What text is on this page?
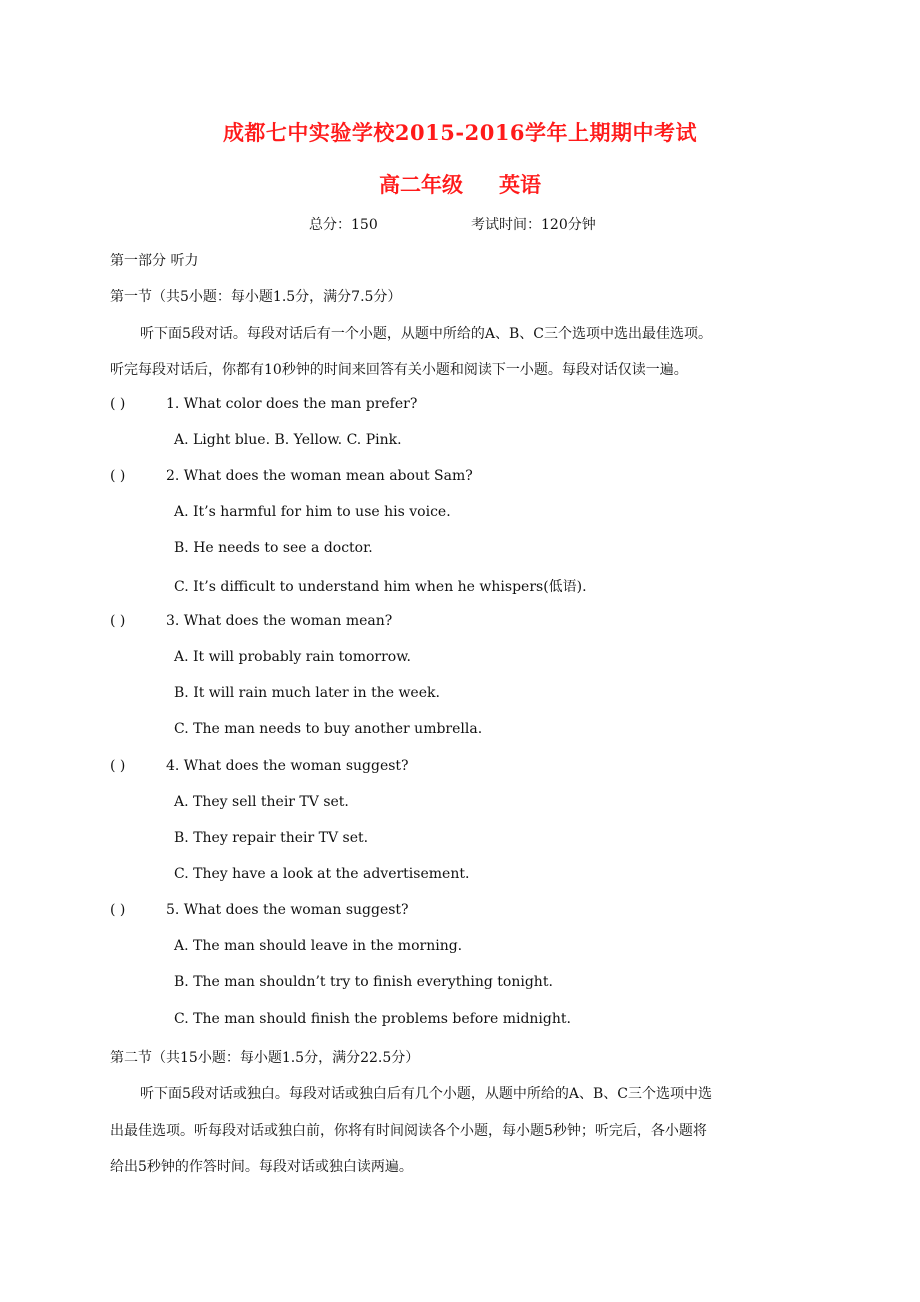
成都七中实验学校2015-2016学年上期期中考试
高二年级 英语
总分：150	考试时间：120分钟
第一部分 听力
第一节（共5小题：每小题1.5分，满分7.5分）
听下面5段对话。每段对话后有一个小题，从题中所给的A、B、C三个选项中选出最佳选项。
听完每段对话后，你都有10秒钟的时间来回答有关小题和阅读下一小题。每段对话仅读一遍。
( )	1. What color does the man prefer?
A. Light blue. B. Yellow. C. Pink.
( )	2. What does the woman mean about Sam?
A. It’s harmful for him to use his voice.
B. He needs to see a doctor.
C. It’s difficult to understand him when he whispers(低语).
( )	3. What does the woman mean?
A. It will probably rain tomorrow.
B. It will rain much later in the week.
C. The man needs to buy another umbrella.
( )	4. What does the woman suggest?
A. They sell their TV set.
B. They repair their TV set.
C. They have a look at the advertisement.
( )	5. What does the woman suggest?
A. The man should leave in the morning.
B. The man shouldn’t try to finish everything tonight.
C. The man should finish the problems before midnight.
第二节（共15小题：每小题1.5分，满分22.5分）
听下面5段对话或独白。每段对话或独白后有几个小题，从题中所给的A、B、C三个选项中选
出最佳选项。听每段对话或独白前，你将有时间阅读各个小题，每小题5秒钟；听完后，各小题将
给出5秒钟的作答时间。每段对话或独白读两遍。
